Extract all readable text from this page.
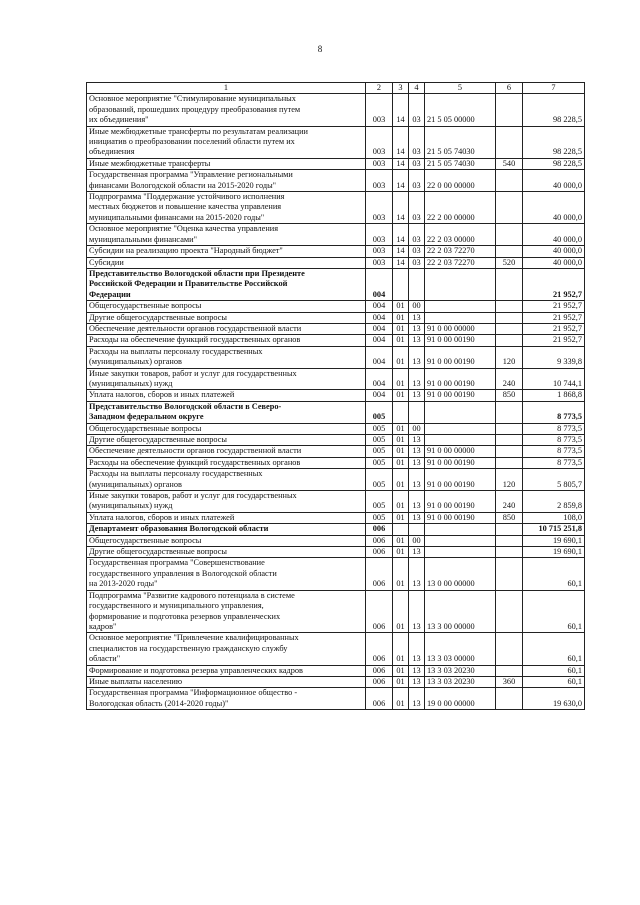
8
1	2	3	4	5	6	7
Основное мероприятие "Стимулирование муниципальных
образований, прошедших процедуру преобразования путем
их объединения"	003	14	03	21 5 05 00000		98 228,5
Иные межбюджетные трансферты по результатам реализации
инициатив о преобразовании поселений области путем их
объединения	003	14	03	21 5 05 74030		98 228,5
Иные межбюджетные трансферты	003	14	03	21 5 05 74030	540	98 228,5
Государственная программа "Управление региональными
финансами Вологодской области на 2015-2020 годы"	003	14	03	22 0 00 00000		40 000,0
Подпрограмма "Поддержание устойчивого исполнения
местных бюджетов и повышение качества управления
муниципальными финансами на 2015-2020 годы"	003	14	03	22 2 00 00000		40 000,0
Основное мероприятие "Оценка качества управления
муниципальными финансами"	003	14	03	22 2 03 00000		40 000,0
Субсидии на реализацию проекта "Народный бюджет"	003	14	03	22 2 03 72270		40 000,0
Субсидии	003	14	03	22 2 03 72270	520	40 000,0
Представительство Вологодской области при Президенте
Российской Федерации и Правительстве Российской
Федерации	004					21 952,7
Общегосударственные вопросы	004	01	00			21 952,7
Другие общегосударственные вопросы	004	01	13			21 952,7
Обеспечение деятельности органов государственной власти	004	01	13	91 0 00 00000		21 952,7
Расходы на обеспечение функций государственных органов	004	01	13	91 0 00 00190		21 952,7
Расходы на выплаты персоналу государственных
(муниципальных) органов	004	01	13	91 0 00 00190	120	9 339,8
Иные закупки товаров, работ и услуг для государственных
(муниципальных) нужд	004	01	13	91 0 00 00190	240	10 744,1
Уплата налогов, сборов и иных платежей	004	01	13	91 0 00 00190	850	1 868,8
Представительство Вологодской области в Северо-
Западном федеральном округе	005					8 773,5
Общегосударственные вопросы	005	01	00			8 773,5
Другие общегосударственные вопросы	005	01	13			8 773,5
Обеспечение деятельности органов государственной власти	005	01	13	91 0 00 00000		8 773,5
Расходы на обеспечение функций государственных органов	005	01	13	91 0 00 00190		8 773,5
Расходы на выплаты персоналу государственных
(муниципальных) органов	005	01	13	91 0 00 00190	120	5 805,7
Иные закупки товаров, работ и услуг для государственных
(муниципальных) нужд	005	01	13	91 0 00 00190	240	2 859,8
Уплата налогов, сборов и иных платежей	005	01	13	91 0 00 00190	850	108,0
Департамент образования Вологодской области	006					10 715 251,8
Общегосударственные вопросы	006	01	00			19 690,1
Другие общегосударственные вопросы	006	01	13			19 690,1
Государственная программа "Совершенствование
государственного управления в Вологодской области
на 2013-2020 годы"	006	01	13	13 0 00 00000		60,1
Подпрограмма "Развитие кадрового потенциала в системе
государственного и муниципального управления,
формирование и подготовка резервов управленческих
кадров"	006	01	13	13 3 00 00000		60,1
Основное мероприятие "Привлечение квалифицированных
специалистов на государственную гражданскую службу
области"	006	01	13	13 3 03 00000		60,1
Формирование и подготовка резерва управленческих кадров	006	01	13	13 3 03 20230		60,1
Иные выплаты населению	006	01	13	13 3 03 20230	360	60,1
Государственная программа "Информационное общество -
Вологодская область (2014-2020 годы)"	006	01	13	19 0 00 00000		19 630,0
